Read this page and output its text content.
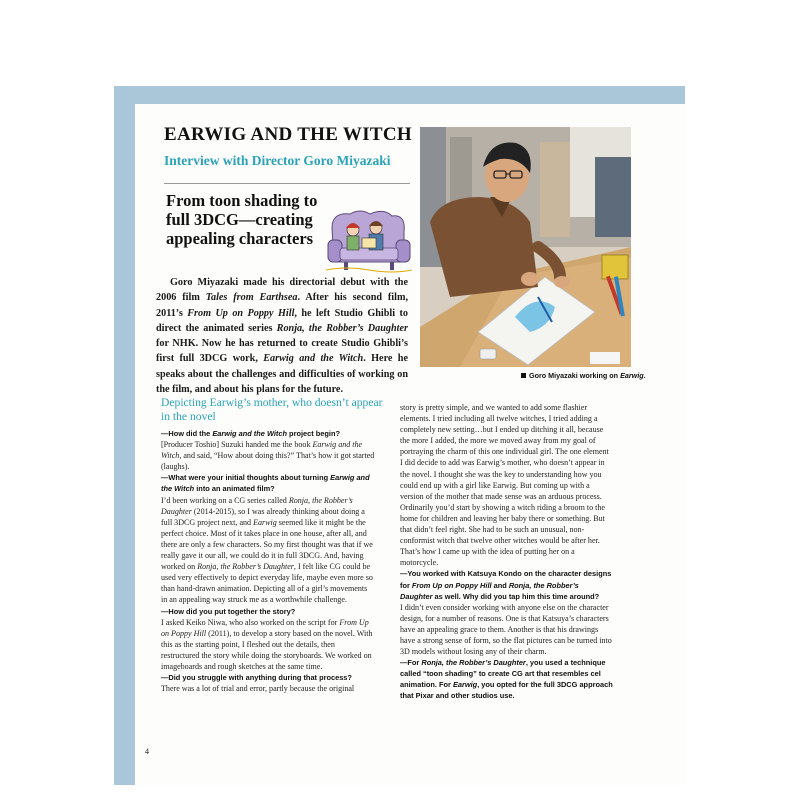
EARWIG AND THE WITCH
Interview with Director Goro Miyazaki
From toon shading to full 3DCG—creating appealing characters

Goro Miyazaki made his directorial debut with the 2006 film Tales from Earthsea. After his second film, 2011’s From Up on Poppy Hill, he left Studio Ghibli to direct the animated series Ronja, the Robber’s Daughter for NHK. Now he has returned to create Studio Ghibli’s first full 3DCG work, Earwig and the Witch. Here he speaks about the challenges and difficulties of working on the film, and about his plans for the future.

Goro Miyazaki working on Earwig.

Depicting Earwig’s mother, who doesn’t appear in the novel

—How did the Earwig and the Witch project begin?

[Producer Toshio] Suzuki handed me the book Earwig and the Witch, and said, “How about doing this?” That’s how it got started (laughs).

—What were your initial thoughts about turning Earwig and the Witch into an animated film?

I’d been working on a CG series called Ronja, the Robber’s Daughter (2014-2015), so I was already thinking about doing a full 3DCG project next, and Earwig seemed like it might be the perfect choice. Most of it takes place in one house, after all, and there are only a few characters. So my first thought was that if we really gave it our all, we could do it in full 3DCG. And, having worked on Ronja, the Robber’s Daughter, I felt like CG could be used very effectively to depict everyday life, maybe even more so than hand-drawn animation. Depicting all of a girl’s movements in an appealing way struck me as a worthwhile challenge.

—How did you put together the story?

I asked Keiko Niwa, who also worked on the script for From Up on Poppy Hill (2011), to develop a story based on the novel. With this as the starting point, I fleshed out the details, then restructured the story while doing the storyboards. We worked on imageboards and rough sketches at the same time.

—Did you struggle with anything during that process?

There was a lot of trial and error, partly because the original

story is pretty simple, and we wanted to add some flashier elements. I tried including all twelve witches, I tried adding a completely new setting…but I ended up ditching it all, because the more I added, the more we moved away from my goal of portraying the charm of this one individual girl. The one element I did decide to add was Earwig’s mother, who doesn’t appear in the novel. I thought she was the key to understanding how you could end up with a girl like Earwig. But coming up with a version of the mother that made sense was an arduous process. Ordinarily you’d start by showing a witch riding a broom to the home for children and leaving her baby there or something. But that didn’t feel right. She had to be such an unusual, non-conformist witch that twelve other witches would be after her. That’s how I came up with the idea of putting her on a motorcycle.

—You worked with Katsuya Kondo on the character designs for From Up on Poppy Hill and Ronja, the Robber’s Daughter as well. Why did you tap him this time around?

I didn’t even consider working with anyone else on the character design, for a number of reasons. One is that Katsuya’s characters have an appealing grace to them. Another is that his drawings have a strong sense of form, so the flat pictures can be turned into 3D models without losing any of their charm.

—For Ronja, the Robber’s Daughter, you used a technique called “toon shading” to create CG art that resembles cel animation. For Earwig, you opted for the full 3DCG approach that Pixar and other studios use.

4
